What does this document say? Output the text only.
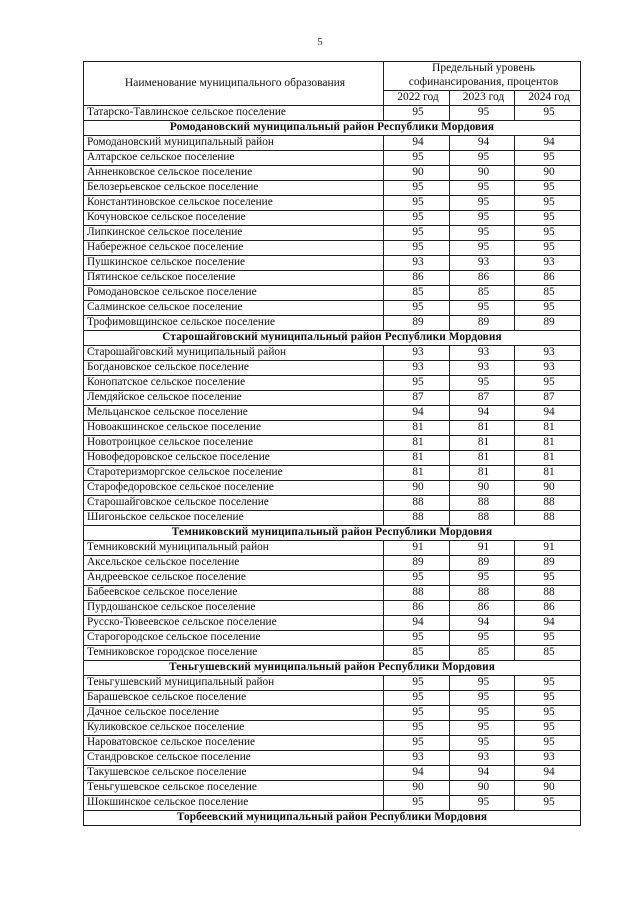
5
Наименование муниципального образования	Предельный уровень
софинансирования, процентов		
	2022 год	2023 год	2024 год
Татарско-Тавлинское сельское поселение	95	95	95
Ромодановский муниципальный район Республики Мордовия			
Ромодановский муниципальный район	94	94	94
Алтарское сельское поселение	95	95	95
Анненковское сельское поселение	90	90	90
Белозерьевское сельское поселение	95	95	95
Константиновское сельское поселение	95	95	95
Кочуновское сельское поселение	95	95	95
Липкинское сельское поселение	95	95	95
Набережное сельское поселение	95	95	95
Пушкинское сельское поселение	93	93	93
Пятинское сельское поселение	86	86	86
Ромодановское сельское поселение	85	85	85
Салминское сельское поселение	95	95	95
Трофимовщинское сельское поселение	89	89	89
Старошайговский муниципальный район Республики Мордовия			
Старошайговский муниципальный район	93	93	93
Богдановское сельское поселение	93	93	93
Конопатское сельское поселение	95	95	95
Лемдяйское сельское поселение	87	87	87
Мельцанское сельское поселение	94	94	94
Новоакшинское сельское поселение	81	81	81
Новотроицкое сельское поселение	81	81	81
Новофедоровское сельское поселение	81	81	81
Старотеризморгское сельское поселение	81	81	81
Старофедоровское сельское поселение	90	90	90
Старошайговское сельское поселение	88	88	88
Шигоньское сельское поселение	88	88	88
Темниковский муниципальный район Республики Мордовия			
Темниковский муниципальный район	91	91	91
Аксельское сельское поселение	89	89	89
Андреевское сельское поселение	95	95	95
Бабеевское сельское поселение	88	88	88
Пурдошанское сельское поселение	86	86	86
Русско-Тювеевское сельское поселение	94	94	94
Старогородское сельское поселение	95	95	95
Темниковское городское поселение	85	85	85
Теньгушевский муниципальный район Республики Мордовия			
Теньгушевский муниципальный район	95	95	95
Барашевское сельское поселение	95	95	95
Дачное сельское поселение	95	95	95
Куликовское сельское поселение	95	95	95
Нароватовское сельское поселение	95	95	95
Стандровское сельское поселение	93	93	93
Такушевское сельское поселение	94	94	94
Теньгушевское сельское поселение	90	90	90
Шокшинское сельское поселение	95	95	95
Торбеевский муниципальный район Республики Мордовия			
